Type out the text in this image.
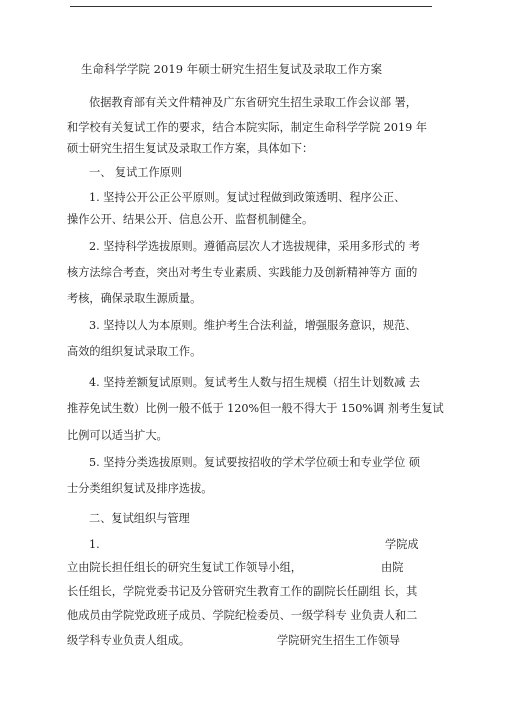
生命科学学院 2019 年硕士研究生招生复试及录取工作方案
依据教育部有关文件精神及广东省研究生招生录取工作会议部 署，
和学校有关复试工作的要求，结合本院实际，制定生命科学学院 2019 年
硕士研究生招生复试及录取工作方案，具体如下：
一、 复试工作原则
1. 坚持公开公正公平原则。复试过程做到政策透明、程序公正、
操作公开、结果公开、信息公开、监督机制健全。
2. 坚持科学选拔原则。遵循高层次人才选拔规律，采用多形式的 考
核方法综合考查，突出对考生专业素质、实践能力及创新精神等方 面的
考核，确保录取生源质量。
3. 坚持以人为本原则。维护考生合法利益，增强服务意识，规范、
高效的组织复试录取工作。
4. 坚持差额复试原则。复试考生人数与招生规模（招生计划数减 去
推荐免试生数）比例一般不低于 120%但一般不得大于 150%调 剂考生复试
比例可以适当扩大。
5. 坚持分类选拔原则。复试要按招收的学术学位硕士和专业学位 硕
士分类组织复试及排序选拔。
二、复试组织与管理
1.	学院成
立由院长担任组长的研究生复试工作领导小组，	由院
长任组长，学院党委书记及分管研究生教育工作的副院长任副组 长，其
他成员由学院党政班子成员、学院纪检委员、一级学科专 业负责人和二
级学科专业负责人组成。	学院研究生招生工作领导
